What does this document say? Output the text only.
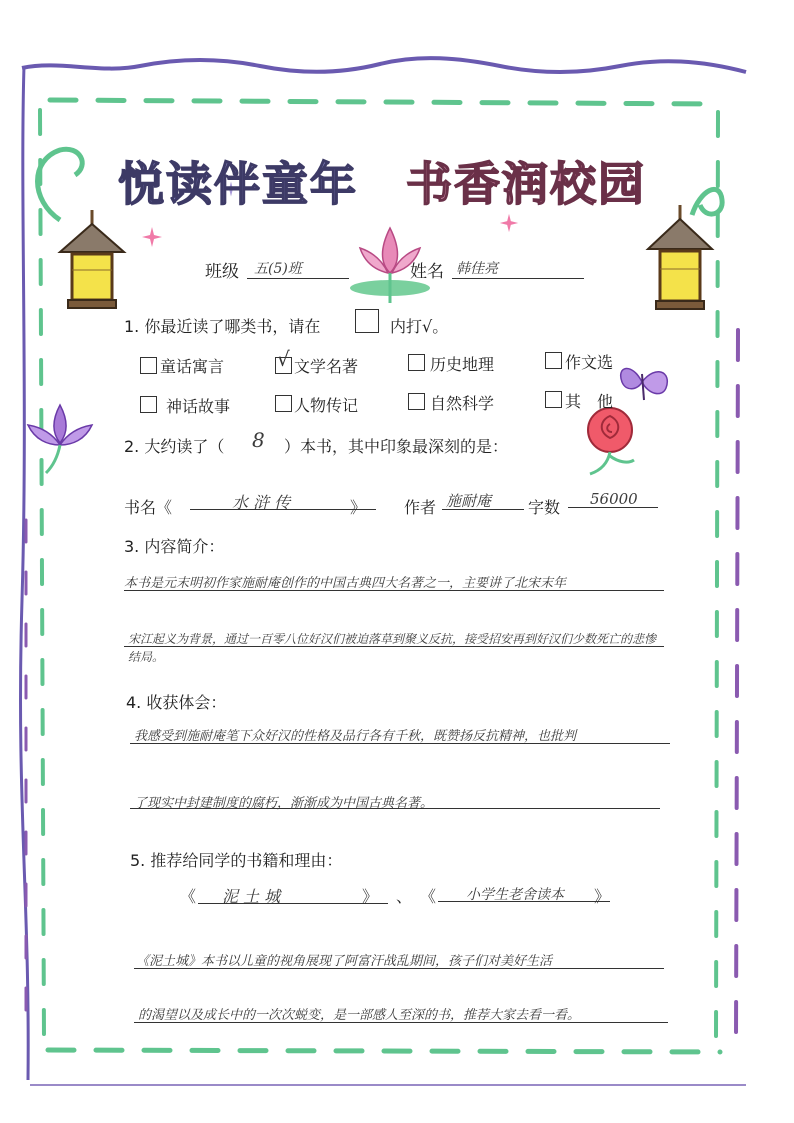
悦读伴童年 书香润校园
班级 五(5)班	姓名 韩佳亮
1. 你最近读了哪类书，请在	内打√。
童话寓言	√ 文学名著	历史地理	作文选
神话故事	人物传记	自然科学	其　他
2. 大约读了（ 8 ）本书，其中印象最深刻的是：
书名《	水 浒 传	》 作者 施耐庵 字数 56000
3. 内容简介：
本书是元末明初作家施耐庵创作的中国古典四大名著之一，主要讲了北宋末年
宋江起义为背景，通过一百零八位好汉们被迫落草到聚义反抗，接受招安再到好汉们少数死亡的悲惨
结局。
4. 收获体会：
我感受到施耐庵笔下众好汉的性格及品行各有千秋，既赞扬反抗精神，也批判
了现实中封建制度的腐朽，渐渐成为中国古典名著。
5. 推荐给同学的书籍和理由：
《 泥 土 城	》 、 《 小学生老舍读本 》
《泥土城》本书以儿童的视角展现了阿富汗战乱期间，孩子们对美好生活
的渴望以及成长中的一次次蜕变，是一部感人至深的书，推荐大家去看一看。
